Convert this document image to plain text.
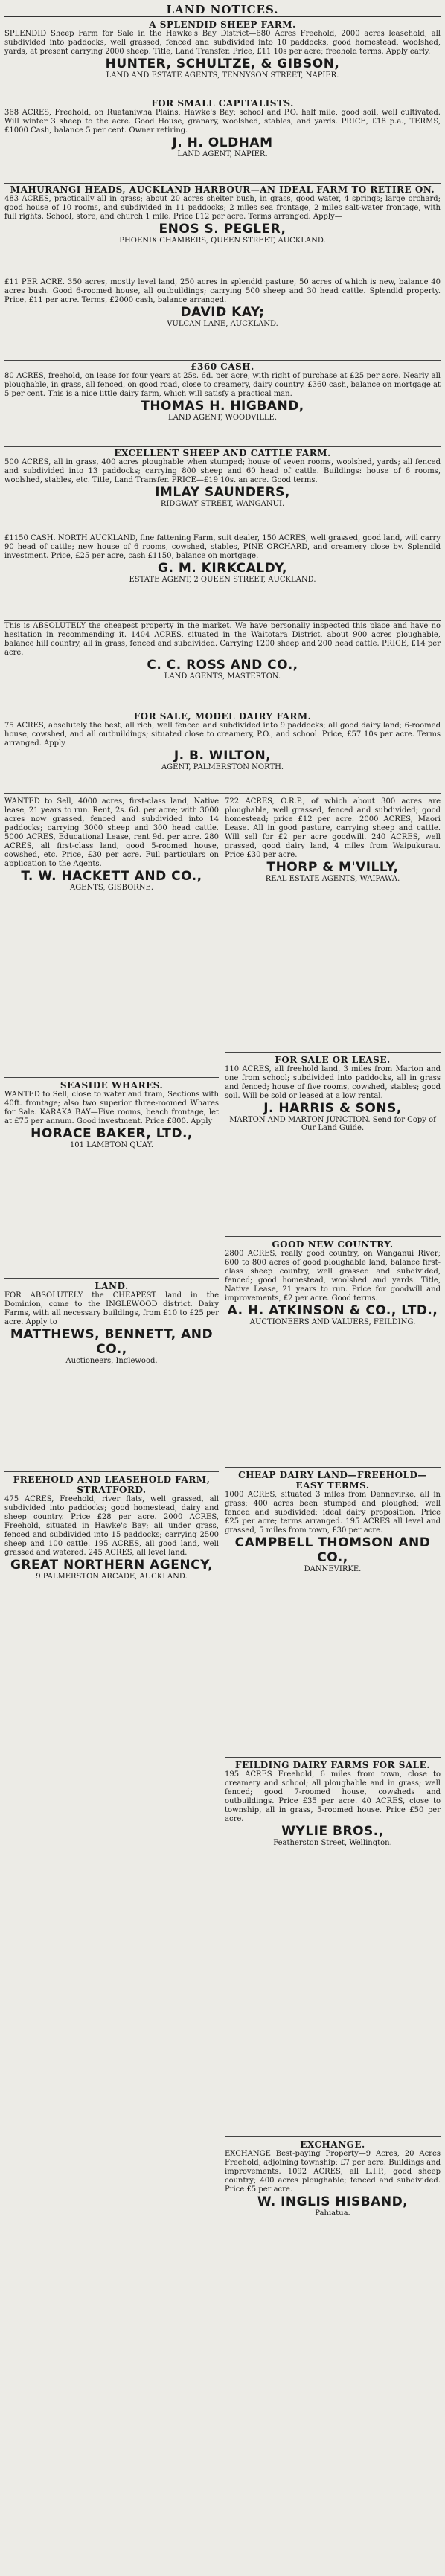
LAND NOTICES.
A SPLENDID SHEEP FARM.
SPLENDID Sheep Farm for Sale in the Hawke's Bay District—680 Acres Freehold, 2000 acres leasehold, all subdivided into paddocks, well grassed, fenced and subdivided into 10 paddocks, good homestead, woolshed, yards, at present carrying 2000 sheep. Title, Land Transfer. Price, £11 10s per acre; freehold terms. Apply early.
HUNTER, SCHULTZE, & GIBSON,
LAND AND ESTATE AGENTS, TENNYSON STREET, NAPIER.
FOR SMALL CAPITALISTS.
368 ACRES, Freehold, on Ruataniwha Plains, Hawke's Bay; school and P.O. half mile, good soil, well cultivated. Will winter 3 sheep to the acre. Good House, granary, woolshed, stables, and yards. PRICE, £18 p.a., TERMS, £1000 Cash, balance 5 per cent. Owner retiring.
J. H. OLDHAM
LAND AGENT, NAPIER.
MAHURANGI HEADS, AUCKLAND HARBOUR—AN IDEAL FARM TO RETIRE ON.
483 ACRES, practically all in grass; about 20 acres shelter bush, in grass, good water, 4 springs; large orchard; good house of 10 rooms, and subdivided in 11 paddocks; 2 miles sea frontage, 2 miles salt-water frontage, with full rights. School, store, and church 1 mile. Price £12 per acre. Terms arranged. Apply—
ENOS S. PEGLER,
PHOENIX CHAMBERS, QUEEN STREET, AUCKLAND.
£11 PER ACRE. 350 acres, mostly level land, 250 acres in splendid pasture, 50 acres of which is new, balance 40 acres bush. Good 6-roomed house, all outbuildings; carrying 500 sheep and 30 head cattle. Splendid property. Price, £11 per acre. Terms, £2000 cash, balance arranged.
DAVID KAY;
VULCAN LANE, AUCKLAND.
£360 CASH.
80 ACRES, freehold, on lease for four years at 25s. 6d. per acre, with right of purchase at £25 per acre. Nearly all ploughable, in grass, all fenced, on good road, close to creamery, dairy country. £360 cash, balance on mortgage at 5 per cent. This is a nice little dairy farm, which will satisfy a practical man.
THOMAS H. HIGBAND,
LAND AGENT, WOODVILLE.
EXCELLENT SHEEP AND CATTLE FARM.
500 ACRES, all in grass, 400 acres ploughable when stumped; house of seven rooms, woolshed, yards; all fenced and subdivided into 13 paddocks; carrying 800 sheep and 60 head of cattle. Buildings: house of 6 rooms, woolshed, stables, etc. Title, Land Transfer. PRICE—£19 10s. an acre. Good terms.
IMLAY SAUNDERS,
RIDGWAY STREET, WANGANUI.
£1150 CASH. NORTH AUCKLAND, fine fattening Farm, suit dealer, 150 ACRES, well grassed, good land, will carry 90 head of cattle; new house of 6 rooms, cowshed, stables, PINE ORCHARD, and creamery close by. Splendid investment. Price, £25 per acre, cash £1150, balance on mortgage.
G. M. KIRKCALDY,
ESTATE AGENT, 2 QUEEN STREET, AUCKLAND.
This is ABSOLUTELY the cheapest property in the market. We have personally inspected this place and have no hesitation in recommending it. 1404 ACRES, situated in the Waitotara District, about 900 acres ploughable, balance hill country, all in grass, fenced and subdivided. Carrying 1200 sheep and 200 head cattle. PRICE, £14 per acre.
C. C. ROSS AND CO.,
LAND AGENTS, MASTERTON.
FOR SALE, MODEL DAIRY FARM.
75 ACRES, absolutely the best, all rich, well fenced and subdivided into 9 paddocks; all good dairy land; 6-roomed house, cowshed, and all outbuildings; situated close to creamery, P.O., and school. Price, £57 10s per acre. Terms arranged. Apply
J. B. WILTON,
AGENT, PALMERSTON NORTH.
WANTED to Sell, 4000 acres, first-class land, Native lease, 21 years to run. Rent, 2s. 6d. per acre; with 3000 acres now grassed, fenced and subdivided into 14 paddocks; carrying 3000 sheep and 300 head cattle. 5000 ACRES, Educational Lease, rent 9d. per acre. 280 ACRES, all first-class land, good 5-roomed house, cowshed, etc. Price, £30 per acre. Full particulars on application to the Agents.
T. W. HACKETT AND CO.,
AGENTS, GISBORNE.
SEASIDE WHARES.
WANTED to Sell, close to water and tram, Sections with 40ft. frontage; also two superior three-roomed Whares for Sale. KARAKA BAY—Five rooms, beach frontage, let at £75 per annum. Good investment. Price £800. Apply
HORACE BAKER, LTD.,
101 LAMBTON QUAY.
LAND.
FOR ABSOLUTELY the CHEAPEST land in the Dominion, come to the INGLEWOOD district. Dairy Farms, with all necessary buildings, from £10 to £25 per acre. Apply to
MATTHEWS, BENNETT, AND CO.,
Auctioneers, Inglewood.
FREEHOLD AND LEASEHOLD FARM, STRATFORD.
475 ACRES, Freehold, river flats, well grassed, all subdivided into paddocks; good homestead, dairy and sheep country. Price £28 per acre. 2000 ACRES, Freehold, situated in Hawke's Bay; all under grass, fenced and subdivided into 15 paddocks; carrying 2500 sheep and 100 cattle. 195 ACRES, all good land, well grassed and watered. 245 ACRES, all level land.
GREAT NORTHERN AGENCY,
9 PALMERSTON ARCADE, AUCKLAND.
722 ACRES, O.R.P., of which about 300 acres are ploughable, well grassed, fenced and subdivided; good homestead; price £12 per acre. 2000 ACRES, Maori Lease. All in good pasture, carrying sheep and cattle. Will sell for £2 per acre goodwill. 240 ACRES, well grassed, good dairy land, 4 miles from Waipukurau. Price £30 per acre.
THORP & M'VILLY,
REAL ESTATE AGENTS, WAIPAWA.
FOR SALE OR LEASE.
110 ACRES, all freehold land, 3 miles from Marton and one from school; subdivided into paddocks, all in grass and fenced; house of five rooms, cowshed, stables; good soil. Will be sold or leased at a low rental.
J. HARRIS & SONS,
MARTON AND MARTON JUNCTION. Send for Copy of Our Land Guide.
GOOD NEW COUNTRY.
2800 ACRES, really good country, on Wanganui River; 600 to 800 acres of good ploughable land, balance first-class sheep country, well grassed and subdivided, fenced; good homestead, woolshed and yards. Title, Native Lease, 21 years to run. Price for goodwill and improvements, £2 per acre. Good terms.
A. H. ATKINSON & CO., LTD.,
AUCTIONEERS AND VALUERS, FEILDING.
CHEAP DAIRY LAND—FREEHOLD—EASY TERMS.
1000 ACRES, situated 3 miles from Dannevirke, all in grass; 400 acres been stumped and ploughed; well fenced and subdivided; ideal dairy proposition. Price £25 per acre; terms arranged. 195 ACRES all level and grassed, 5 miles from town, £30 per acre.
CAMPBELL THOMSON AND CO.,
DANNEVIRKE.
FEILDING DAIRY FARMS FOR SALE.
195 ACRES Freehold, 6 miles from town, close to creamery and school; all ploughable and in grass; well fenced; good 7-roomed house, cowsheds and outbuildings. Price £35 per acre. 40 ACRES, close to township, all in grass, 5-roomed house. Price £50 per acre.
WYLIE BROS.,
Featherston Street, Wellington.
EXCHANGE.
EXCHANGE Best-paying Property—9 Acres, 20 Acres Freehold, adjoining township; £7 per acre. Buildings and improvements. 1092 ACRES, all L.I.P., good sheep country; 400 acres ploughable; fenced and subdivided. Price £5 per acre.
W. INGLIS HISBAND,
Pahiatua.
